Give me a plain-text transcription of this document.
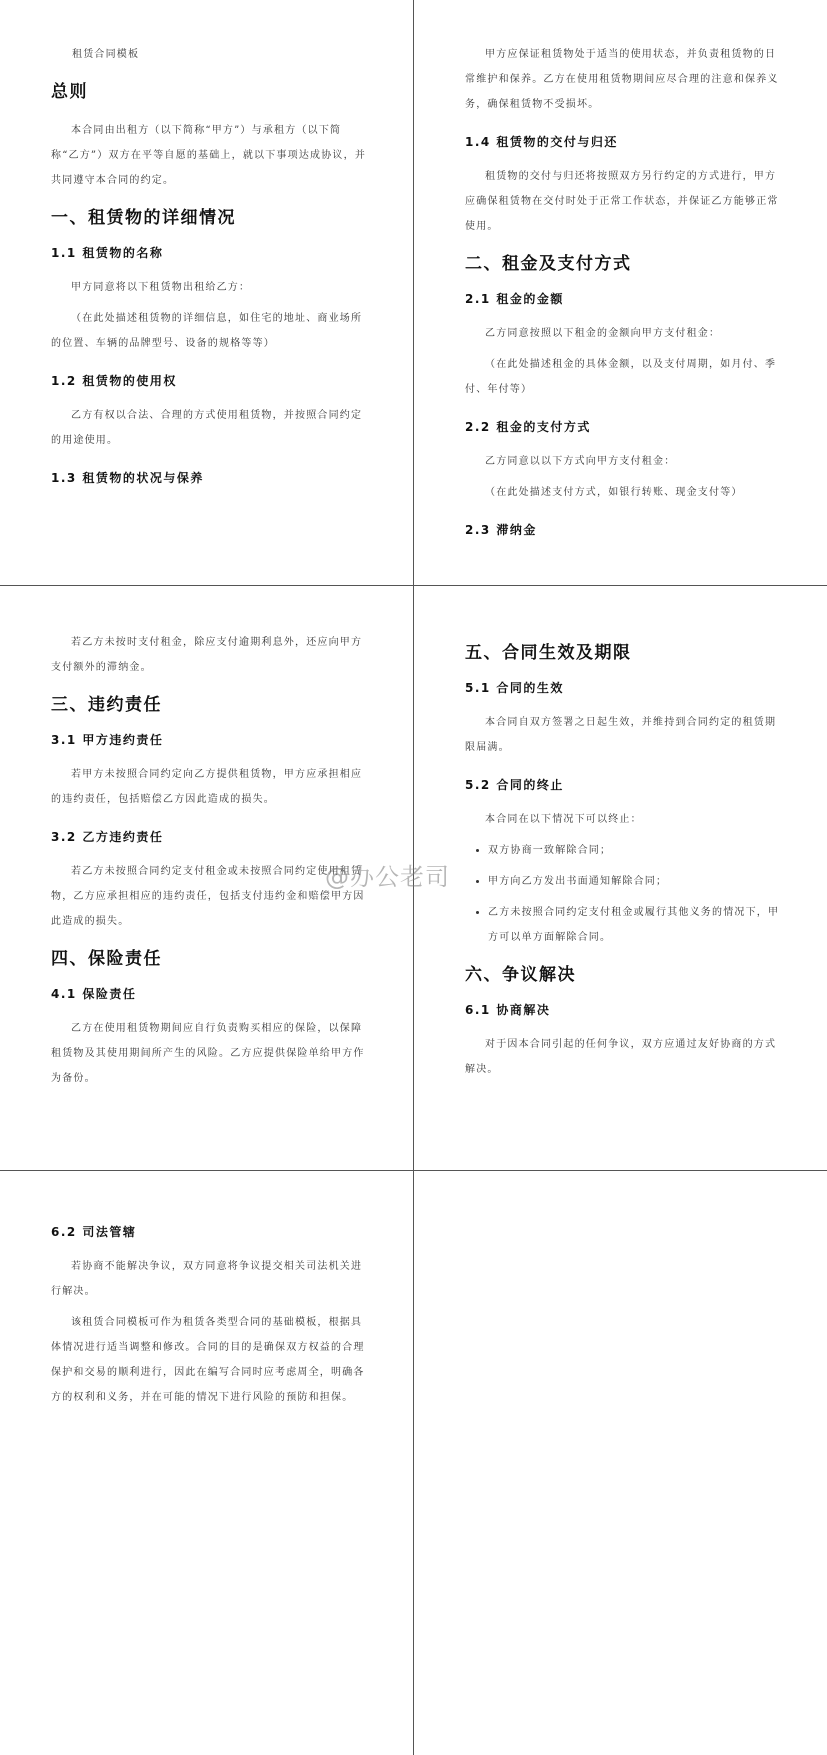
租赁合同模板

总则

本合同由出租方（以下简称“甲方”）与承租方（以下简称“乙方”）双方在平等自愿的基础上，就以下事项达成协议，并共同遵守本合同的约定。

一、租赁物的详细情况
1.1 租赁物的名称

甲方同意将以下租赁物出租给乙方：

（在此处描述租赁物的详细信息，如住宅的地址、商业场所的位置、车辆的品牌型号、设备的规格等等）

1.2 租赁物的使用权

乙方有权以合法、合理的方式使用租赁物，并按照合同约定的用途使用。

1.3 租赁物的状况与保养

甲方应保证租赁物处于适当的使用状态，并负责租赁物的日常维护和保养。乙方在使用租赁物期间应尽合理的注意和保养义务，确保租赁物不受损坏。

1.4 租赁物的交付与归还

租赁物的交付与归还将按照双方另行约定的方式进行，甲方应确保租赁物在交付时处于正常工作状态，并保证乙方能够正常使用。

二、租金及支付方式
2.1 租金的金额

乙方同意按照以下租金的金额向甲方支付租金：

（在此处描述租金的具体金额，以及支付周期，如月付、季付、年付等）

2.2 租金的支付方式

乙方同意以以下方式向甲方支付租金：

（在此处描述支付方式，如银行转账、现金支付等）

2.3 滞纳金

若乙方未按时支付租金，除应支付逾期利息外，还应向甲方支付额外的滞纳金。

三、违约责任
3.1 甲方违约责任

若甲方未按照合同约定向乙方提供租赁物，甲方应承担相应的违约责任，包括赔偿乙方因此造成的损失。

3.2 乙方违约责任

若乙方未按照合同约定支付租金或未按照合同约定使用租赁物，乙方应承担相应的违约责任，包括支付违约金和赔偿甲方因此造成的损失。

四、保险责任
4.1 保险责任

乙方在使用租赁物期间应自行负责购买相应的保险，以保障租赁物及其使用期间所产生的风险。乙方应提供保险单给甲方作为备份。

五、合同生效及期限
5.1 合同的生效

本合同自双方签署之日起生效，并维持到合同约定的租赁期限届满。

5.2 合同的终止

本合同在以下情况下可以终止：

• 双方协商一致解除合同；
• 甲方向乙方发出书面通知解除合同；
• 乙方未按照合同约定支付租金或履行其他义务的情况下，甲方可以单方面解除合同。
六、争议解决
6.1 协商解决

对于因本合同引起的任何争议，双方应通过友好协商的方式解决。

6.2 司法管辖

若协商不能解决争议，双方同意将争议提交相关司法机关进行解决。

该租赁合同模板可作为租赁各类型合同的基础模板，根据具体情况进行适当调整和修改。合同的目的是确保双方权益的合理保护和交易的顺利进行，因此在编写合同时应考虑周全，明确各方的权利和义务，并在可能的情况下进行风险的预防和担保。

@办公老司
